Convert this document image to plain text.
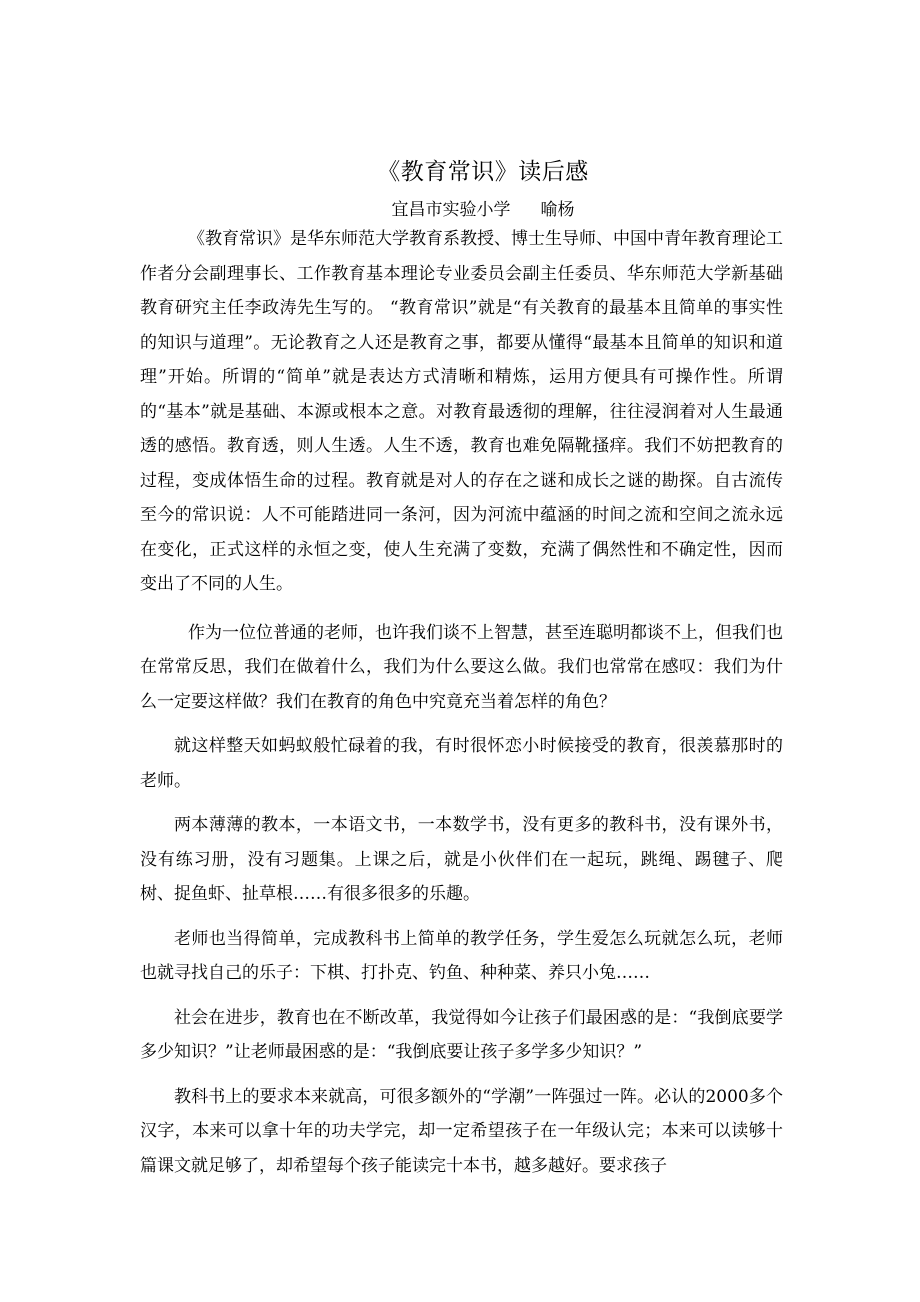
《教育常识》读后感
宜昌市实验小学 喻杨

《教育常识》是华东师范大学教育系教授、博士生导师、中国中青年教育理论工作者分会副理事长、工作教育基本理论专业委员会副主任委员、华东师范大学新基础教育研究主任李政涛先生写的。 “教育常识”就是“有关教育的最基本且简单的事实性的知识与道理”。无论教育之人还是教育之事，都要从懂得“最基本且简单的知识和道理”开始。所谓的“简单”就是表达方式清晰和精炼，运用方便具有可操作性。所谓的“基本”就是基础、本源或根本之意。对教育最透彻的理解，往往浸润着对人生最通透的感悟。教育透，则人生透。人生不透，教育也难免隔靴搔痒。我们不妨把教育的过程，变成体悟生命的过程。教育就是对人的存在之谜和成长之谜的勘探。自古流传至今的常识说：人不可能踏进同一条河，因为河流中蕴涵的时间之流和空间之流永远在变化，正式这样的永恒之变，使人生充满了变数，充满了偶然性和不确定性，因而变出了不同的人生。

作为一位位普通的老师，也许我们谈不上智慧，甚至连聪明都谈不上，但我们也在常常反思，我们在做着什么，我们为什么要这么做。我们也常常在感叹：我们为什么一定要这样做？我们在教育的角色中究竟充当着怎样的角色？

就这样整天如蚂蚁般忙碌着的我，有时很怀恋小时候接受的教育，很羡慕那时的老师。

两本薄薄的教本，一本语文书，一本数学书，没有更多的教科书，没有课外书，没有练习册，没有习题集。上课之后，就是小伙伴们在一起玩，跳绳、踢毽子、爬树、捉鱼虾、扯草根……有很多很多的乐趣。

老师也当得简单，完成教科书上简单的教学任务，学生爱怎么玩就怎么玩，老师也就寻找自己的乐子：下棋、打扑克、钓鱼、种种菜、养只小兔……

社会在进步，教育也在不断改革，我觉得如今让孩子们最困惑的是：“我倒底要学多少知识？”让老师最困惑的是：“我倒底要让孩子多学多少知识？”

教科书上的要求本来就高，可很多额外的“学潮”一阵强过一阵。必认的2000多个汉字，本来可以拿十年的功夫学完，却一定希望孩子在一年级认完；本来可以读够十篇课文就足够了，却希望每个孩子能读完十本书，越多越好。要求孩子
